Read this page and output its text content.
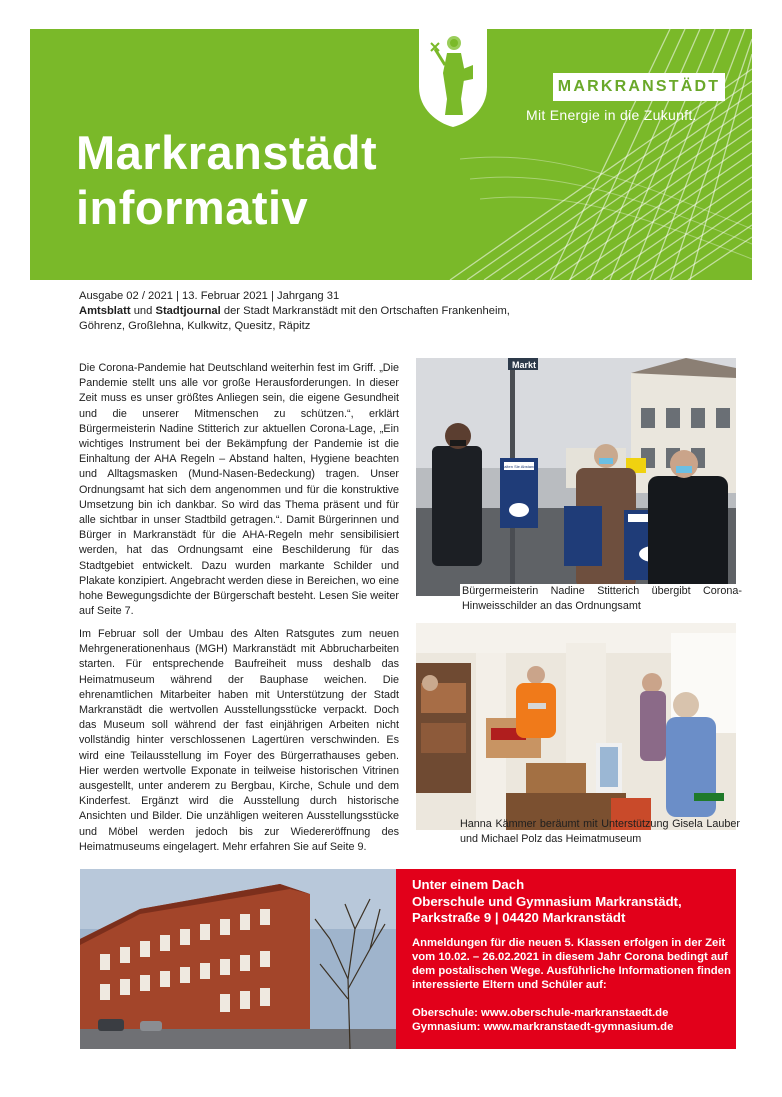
MARKRANSTÄDT
Mit Energie in die Zukunft.
Markranstädt
informativ
Ausgabe 02 / 2021 | 13. Februar 2021 | Jahrgang 31
Amtsblatt und Stadtjournal der Stadt Markranstädt mit den Ortschaften Frankenheim, Göhrenz, Großlehna, Kulkwitz, Quesitz, Räpitz

Die Corona-Pandemie hat Deutschland weiterhin fest im Griff. „Die Pandemie stellt uns alle vor große Herausforderungen. In dieser Zeit muss es unser größtes Anliegen sein, die eigene Gesundheit und die unserer Mitmenschen zu schützen.“, erklärt Bürgermeisterin Nadine Stitterich zur aktuellen Corona-Lage, „Ein wichtiges Instrument bei der Bekämpfung der Pandemie ist die Einhaltung der AHA Regeln – Abstand halten, Hygiene beachten und Alltagsmasken (Mund-Nasen-Bedeckung) tragen. Unser Ordnungsamt hat sich dem angenommen und für die konstruktive Umsetzung bin ich dankbar. So wird das Thema präsent und für alle sichtbar in unser Stadtbild getragen.“. Damit Bürgerinnen und Bürger in Markranstädt für die AHA-Regeln mehr sensibilisiert werden, hat das Ordnungsamt eine Beschilderung für das Stadtgebiet entwickelt. Dazu wurden markante Schilder und Plakate konzipiert. Angebracht werden diese in Bereichen, wo eine hohe Bewegungsdichte der Bürgerschaft besteht. Lesen Sie weiter auf Seite 7.

Markt
Halten Sie Abstand!

Bürgermeisterin Nadine Stitterich übergibt Corona-Hinweisschilder an das Ordnungsamt

Im Februar soll der Umbau des Alten Ratsgutes zum neuen Mehrgenerationenhaus (MGH) Markranstädt mit Abbrucharbeiten starten. Für entsprechende Baufreiheit muss deshalb das Heimatmuseum während der Bauphase weichen. Die ehrenamtlichen Mitarbeiter haben mit Unterstützung der Stadt Markranstädt die wertvollen Ausstellungsstücke verpackt. Doch das Museum soll während der fast einjährigen Arbeiten nicht vollständig hinter verschlossenen Lagertüren verschwinden. Es wird eine Teilausstellung im Foyer des Bürgerrathauses geben. Hier werden wertvolle Exponate in teilweise historischen Vitrinen ausgestellt, unter anderem zu Bergbau, Kirche, Schule und dem Kinderfest. Ergänzt wird die Ausstellung durch historische Ansichten und Bilder. Die unzähligen weiteren Ausstellungsstücke und Möbel werden jedoch bis zur Wiedereröffnung des Heimatmuseums eingelagert. Mehr erfahren Sie auf Seite 9.

Hanna Kämmer beräumt mit Unterstützung Gisela Lauber und Michael Polz das Heimatmuseum

Unter einem Dach
Oberschule und Gymnasium Markranstädt,
Parkstraße 9 | 04420 Markranstädt

Anmeldungen für die neuen 5. Klassen erfolgen in der Zeit vom 10.02. – 26.02.2021 in diesem Jahr Corona bedingt auf dem postalischen Wege. Ausführliche Informationen finden interessierte Eltern und Schüler auf:

Oberschule: www.oberschule-markranstaedt.de
Gymnasium: www.markranstaedt-gymnasium.de
